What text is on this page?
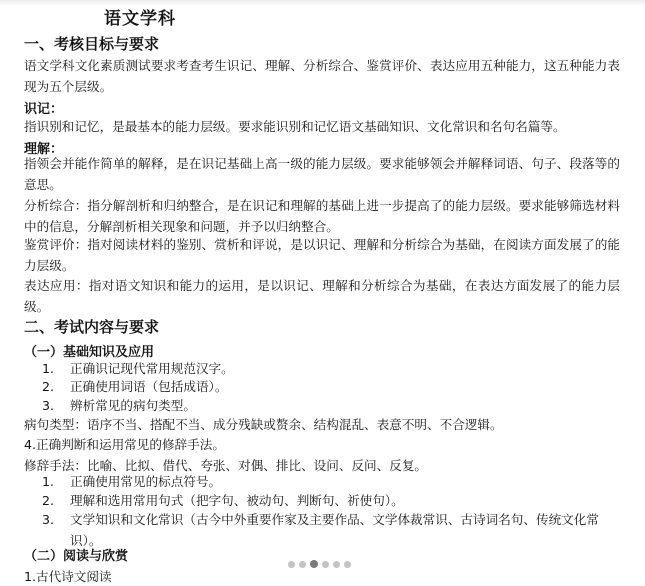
语文学科
一、考核目标与要求

语文学科文化素质测试要求考查考生识记、理解、分析综合、鉴赏评价、表达应用五种能力，这五种能力表现为五个层级。

识记：

指识别和记忆，是最基本的能力层级。要求能识别和记忆语文基础知识、文化常识和名句名篇等。

理解：

指领会并能作简单的解释，是在识记基础上高一级的能力层级。要求能够领会并解释词语、句子、段落等的意思。

分析综合：指分解剖析和归纳整合，是在识记和理解的基础上进一步提高了的能力层级。要求能够筛选材料中的信息，分解剖析相关现象和问题，并予以归纳整合。

鉴赏评价：指对阅读材料的鉴别、赏析和评说，是以识记、理解和分析综合为基础，在阅读方面发展了的能力层级。

表达应用：指对语文知识和能力的运用，是以识记、理解和分析综合为基础，在表达方面发展了的能力层级。

二、考试内容与要求
（一）基础知识及应用
1.	正确识记现代常用规范汉字。
2.	正确使用词语（包括成语）。
3.	辨析常见的病句类型。
病句类型：语序不当、搭配不当、成分残缺或赘余、结构混乱、表意不明、不合逻辑。
4.正确判断和运用常见的修辞手法。
修辞手法：比喻、比拟、借代、夸张、对偶、排比、设问、反问、反复。
1.	正确使用常见的标点符号。
2.	理解和选用常用句式（把字句、被动句、判断句、祈使句）。
3.	文学知识和文化常识（古今中外重要作家及主要作品、文学体裁常识、古诗词名句、传统文化常识）。
（二）阅读与欣赏
1.古代诗文阅读
